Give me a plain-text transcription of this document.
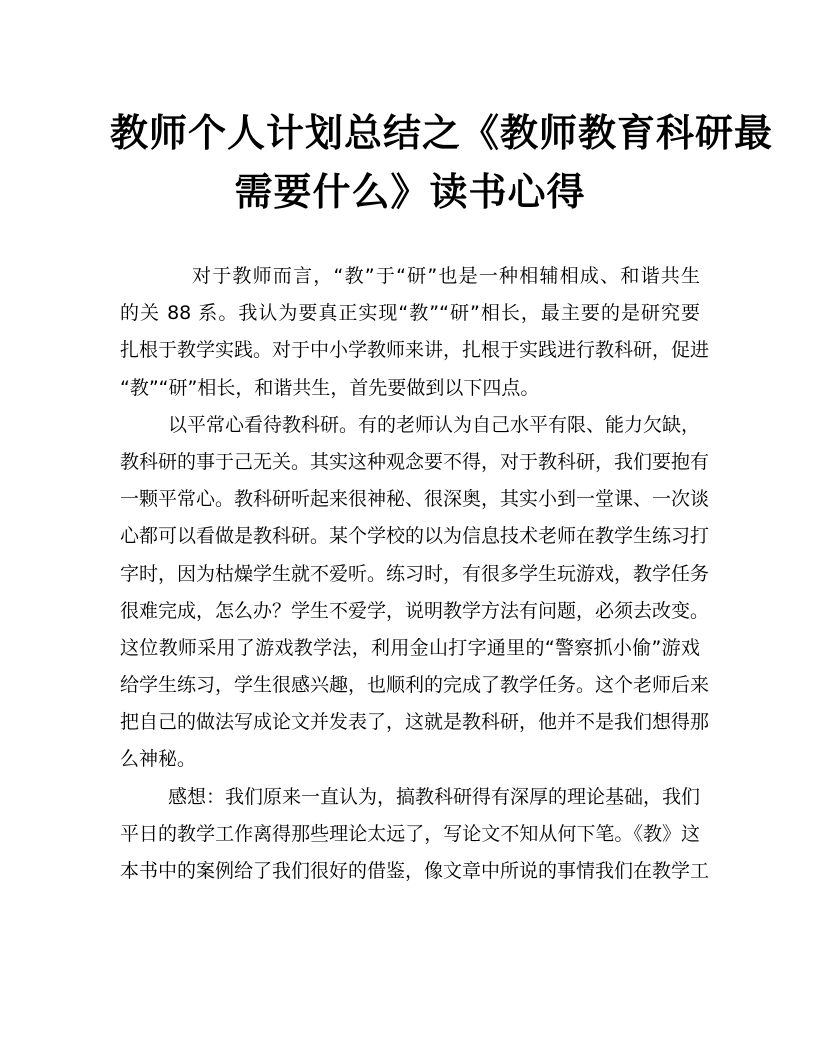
教师个人计划总结之《教师教育科研最
需要什么》读书心得
对于教师而言，“教”于“研”也是一种相辅相成、和谐共生
的关 88 系。我认为要真正实现“教”“研”相长，最主要的是研究要
扎根于教学实践。对于中小学教师来讲，扎根于实践进行教科研，促进
“教”“研”相长，和谐共生，首先要做到以下四点。
以平常心看待教科研。有的老师认为自己水平有限、能力欠缺，
教科研的事于己无关。其实这种观念要不得，对于教科研，我们要抱有
一颗平常心。教科研听起来很神秘、很深奥，其实小到一堂课、一次谈
心都可以看做是教科研。某个学校的以为信息技术老师在教学生练习打
字时，因为枯燥学生就不爱听。练习时，有很多学生玩游戏，教学任务
很难完成，怎么办？学生不爱学，说明教学方法有问题，必须去改变。
这位教师采用了游戏教学法，利用金山打字通里的“警察抓小偷”游戏
给学生练习，学生很感兴趣，也顺利的完成了教学任务。这个老师后来
把自己的做法写成论文并发表了，这就是教科研，他并不是我们想得那
么神秘。
感想：我们原来一直认为，搞教科研得有深厚的理论基础，我们
平日的教学工作离得那些理论太远了，写论文不知从何下笔。《教》这
本书中的案例给了我们很好的借鉴，像文章中所说的事情我们在教学工
